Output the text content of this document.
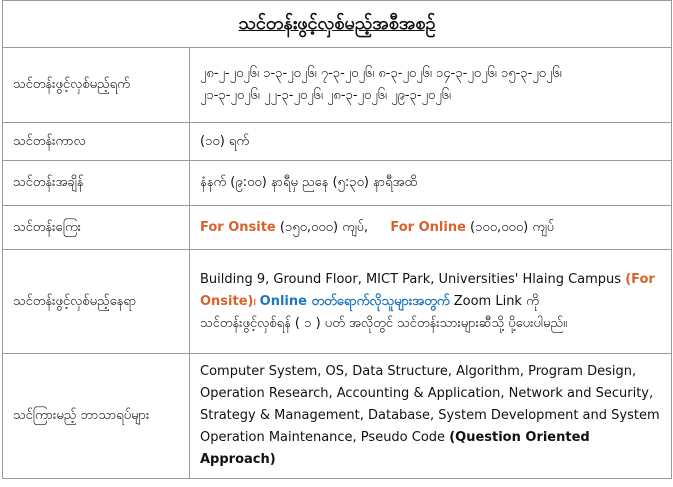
သင်တန်းဖွင့်လှစ်မည့်အစီအစဉ်
သင်တန်းဖွင့်လှစ်မည့်ရက်	၂၈-၂-၂၀၂၆၊ ၁-၃-၂၀၂၆၊ ၇-၃-၂၀၂၆၊ ၈-၃-၂၀၂၆၊ ၁၄-၃-၂၀၂၆၊ ၁၅-၃-၂၀၂၆၊
၂၁-၃-၂၀၂၆၊ ၂၂-၃-၂၀၂၆၊ ၂၈-၃-၂၀၂၆၊ ၂၉-၃-၂၀၂၆၊

သင်တန်းကာလ	(၁၀) ရက်
သင်တန်းအချိန်	နံနက် (၉:၀၀) နာရီမှ ညနေ (၅:၃၀) နာရီအထိ
သင်တန်းကြေး	For Onsite (၁၅၀,၀၀၀) ကျပ်, For Online (၁၀၀,၀၀၀) ကျပ်
သင်တန်းဖွင့်လှစ်မည့်နေရာ	Building 9, Ground Floor, MICT Park, Universities' Hlaing Campus (For
Onsite)၊ Online တတ်ရောက်လိုသူများအတွက် Zoom Link ကို
သင်တန်းဖွင့်လှစ်ရန် ( ၁ ) ပတ် အလိုတွင် သင်တန်းသားများဆီသို့ ပို့ပေးပါမည်။

သင်ကြားမည့် ဘာသာရပ်များ	Computer System, OS, Data Structure, Algorithm, Program Design,
Operation Research, Accounting & Application, Network and Security,
Strategy & Management, Database, System Development and System
Operation Maintenance, Pseudo Code (Question Oriented Approach)
